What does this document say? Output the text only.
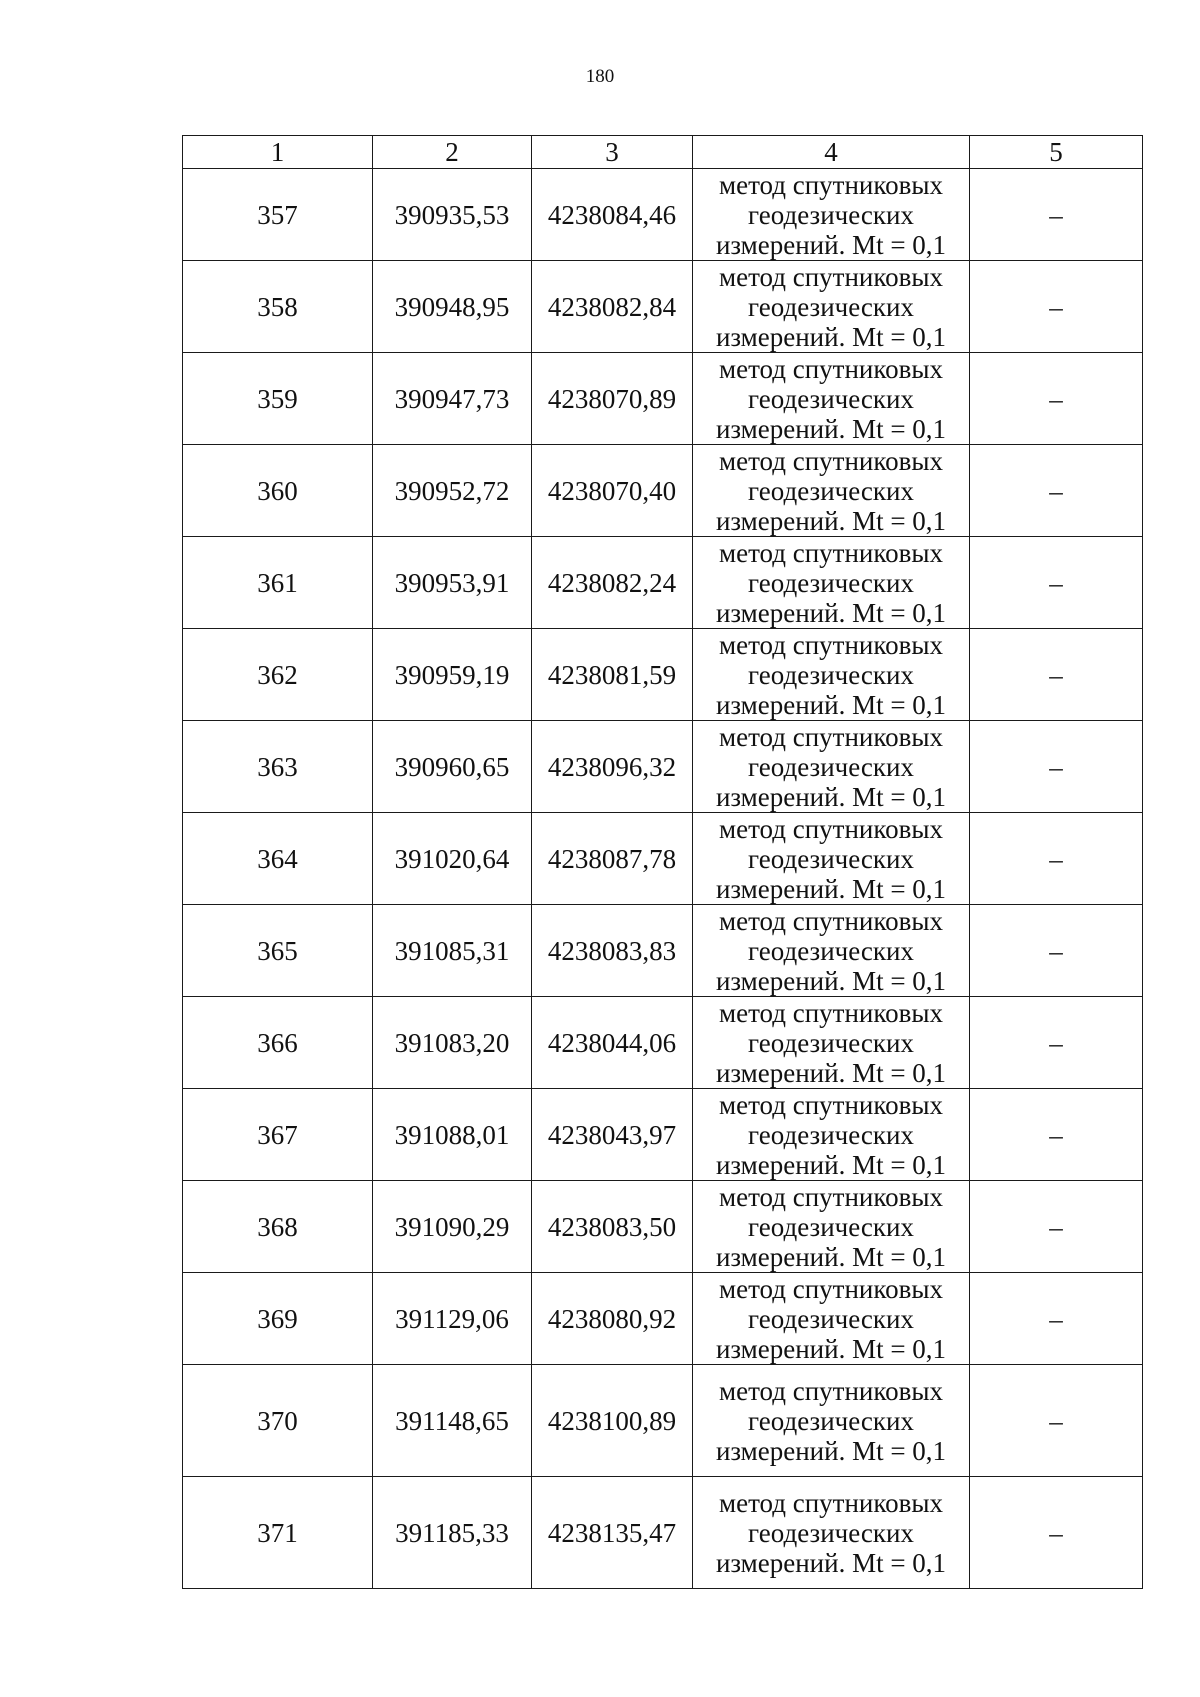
180
1	2	3	4	5
357	390935,53	4238084,46	метод спутниковых
геодезических
измерений. Mt = 0,1	–
358	390948,95	4238082,84	метод спутниковых
геодезических
измерений. Mt = 0,1	–
359	390947,73	4238070,89	метод спутниковых
геодезических
измерений. Mt = 0,1	–
360	390952,72	4238070,40	метод спутниковых
геодезических
измерений. Mt = 0,1	–
361	390953,91	4238082,24	метод спутниковых
геодезических
измерений. Mt = 0,1	–
362	390959,19	4238081,59	метод спутниковых
геодезических
измерений. Mt = 0,1	–
363	390960,65	4238096,32	метод спутниковых
геодезических
измерений. Mt = 0,1	–
364	391020,64	4238087,78	метод спутниковых
геодезических
измерений. Mt = 0,1	–
365	391085,31	4238083,83	метод спутниковых
геодезических
измерений. Mt = 0,1	–
366	391083,20	4238044,06	метод спутниковых
геодезических
измерений. Mt = 0,1	–
367	391088,01	4238043,97	метод спутниковых
геодезических
измерений. Mt = 0,1	–
368	391090,29	4238083,50	метод спутниковых
геодезических
измерений. Mt = 0,1	–
369	391129,06	4238080,92	метод спутниковых
геодезических
измерений. Mt = 0,1	–
370	391148,65	4238100,89	метод спутниковых
геодезических
измерений. Mt = 0,1	–
371	391185,33	4238135,47	метод спутниковых
геодезических
измерений. Mt = 0,1	–
